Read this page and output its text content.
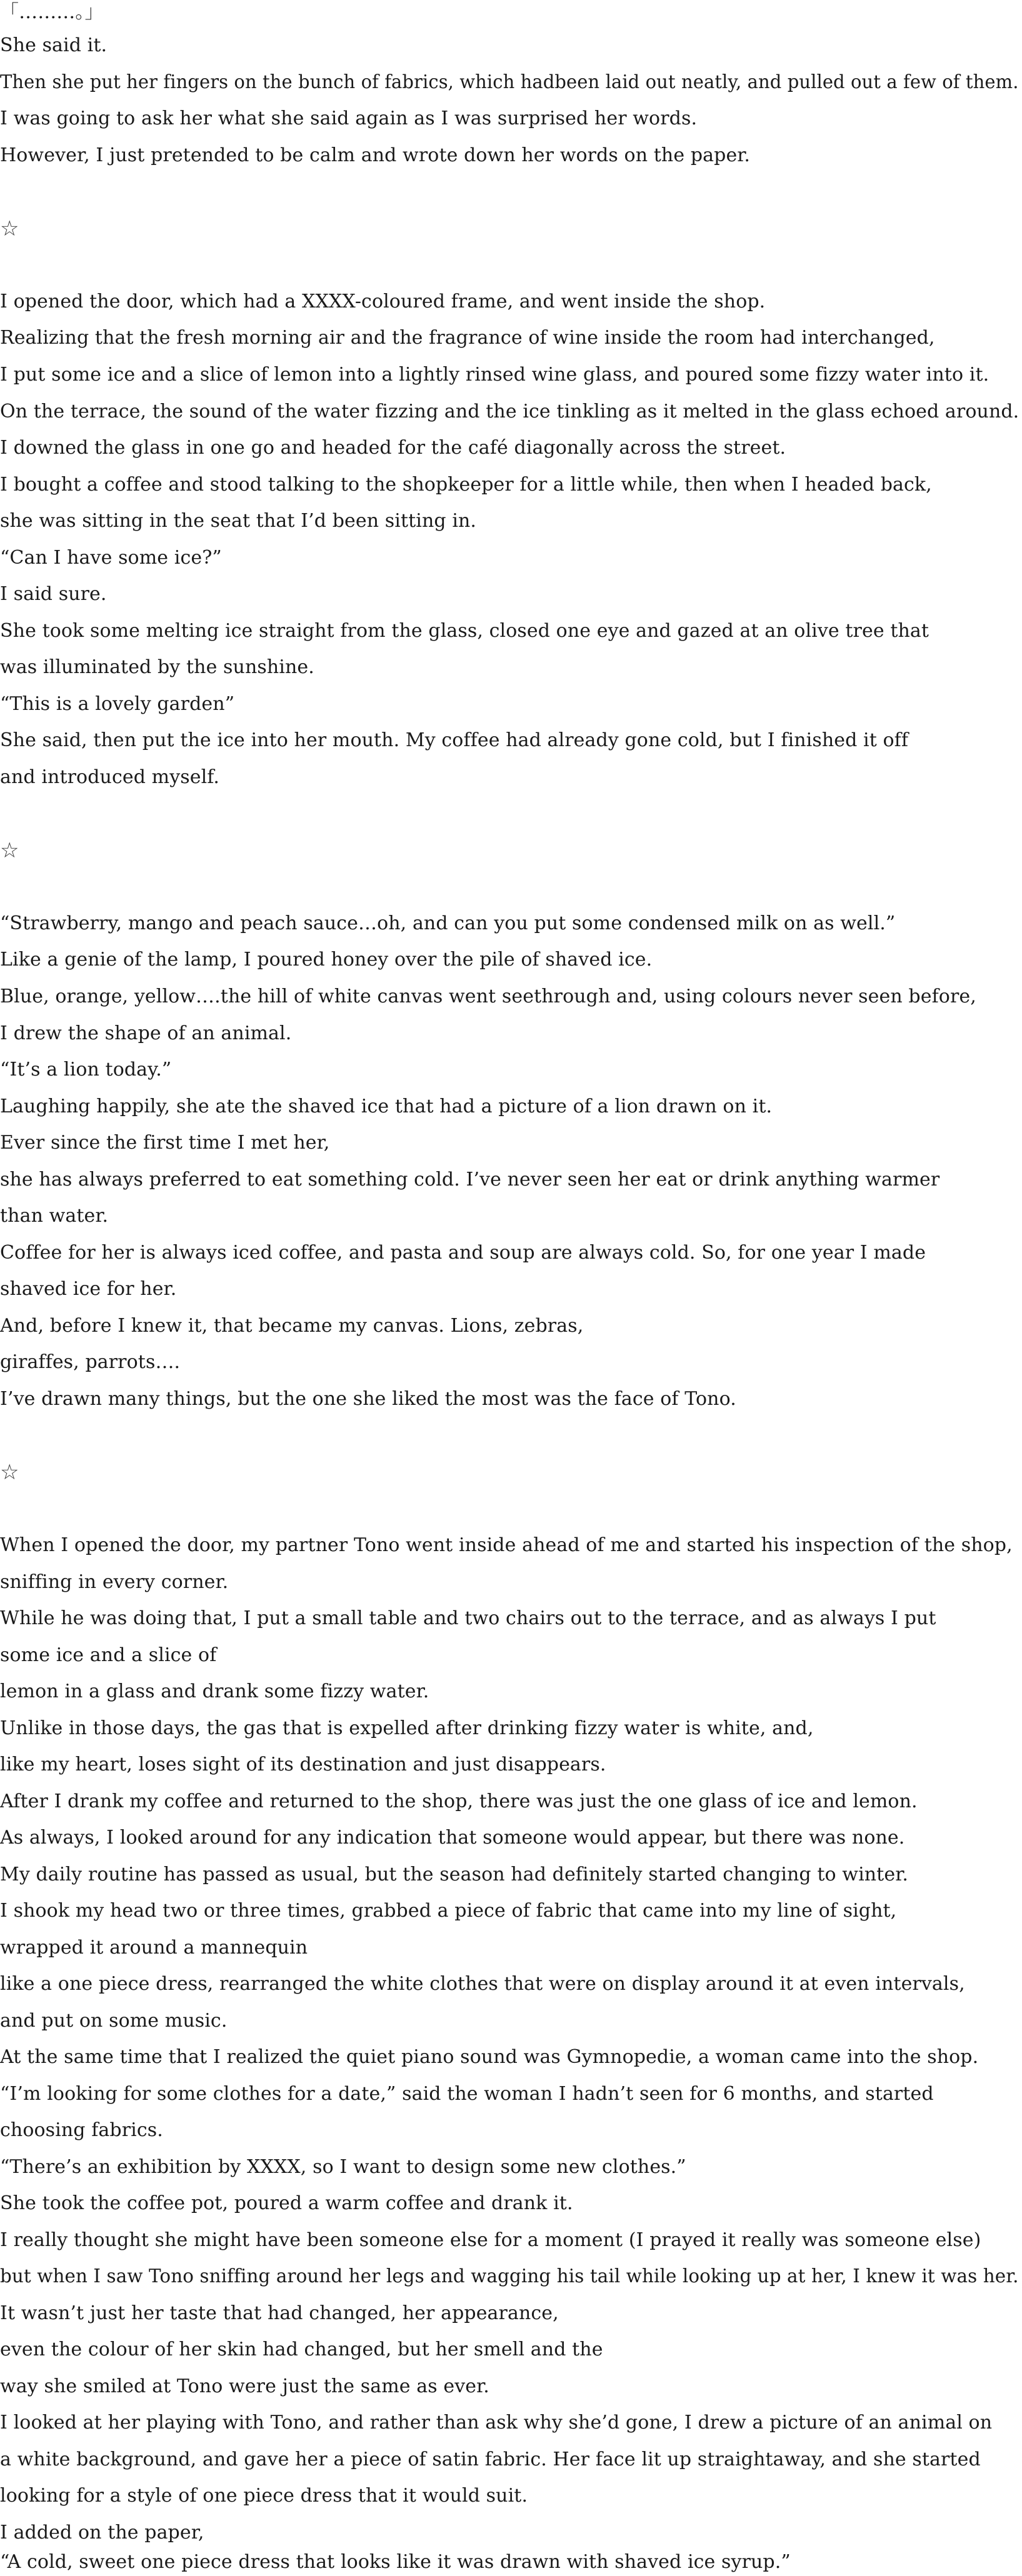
「………。」
She said it.
Then she put her fingers on the bunch of fabrics, which hadbeen laid out neatly, and pulled out a few of them.
I was going to ask her what she said again as I was surprised her words.
However, I just pretended to be calm and wrote down her words on the paper.
☆
I opened the door, which had a XXXX-coloured frame, and went inside the shop.
Realizing that the fresh morning air and the fragrance of wine inside the room had interchanged,
I put some ice and a slice of lemon into a lightly rinsed wine glass, and poured some fizzy water into it.
On the terrace, the sound of the water fizzing and the ice tinkling as it melted in the glass echoed around.
I downed the glass in one go and headed for the café diagonally across the street.
I bought a coffee and stood talking to the shopkeeper for a little while, then when I headed back,
she was sitting in the seat that I’d been sitting in.
“Can I have some ice?”
I said sure.
She took some melting ice straight from the glass, closed one eye and gazed at an olive tree that
was illuminated by the sunshine.
“This is a lovely garden”
She said, then put the ice into her mouth. My coffee had already gone cold, but I finished it off
and introduced myself.
☆
“Strawberry, mango and peach sauce…oh, and can you put some condensed milk on as well.”
Like a genie of the lamp, I poured honey over the pile of shaved ice.
Blue, orange, yellow….the hill of white canvas went seethrough and, using colours never seen before,
I drew the shape of an animal.
“It’s a lion today.”
Laughing happily, she ate the shaved ice that had a picture of a lion drawn on it.
Ever since the first time I met her,
she has always preferred to eat something cold. I’ve never seen her eat or drink anything warmer
than water.
Coffee for her is always iced coffee, and pasta and soup are always cold. So, for one year I made
shaved ice for her.
And, before I knew it, that became my canvas. Lions, zebras,
giraffes, parrots….
I’ve drawn many things, but the one she liked the most was the face of Tono.
☆
When I opened the door, my partner Tono went inside ahead of me and started his inspection of the shop,
sniffing in every corner.
While he was doing that, I put a small table and two chairs out to the terrace, and as always I put
some ice and a slice of
lemon in a glass and drank some fizzy water.
Unlike in those days, the gas that is expelled after drinking fizzy water is white, and,
like my heart, loses sight of its destination and just disappears.
After I drank my coffee and returned to the shop, there was just the one glass of ice and lemon.
As always, I looked around for any indication that someone would appear, but there was none.
My daily routine has passed as usual, but the season had definitely started changing to winter.
I shook my head two or three times, grabbed a piece of fabric that came into my line of sight,
wrapped it around a mannequin
like a one piece dress, rearranged the white clothes that were on display around it at even intervals,
and put on some music.
At the same time that I realized the quiet piano sound was Gymnopedie, a woman came into the shop.
“I’m looking for some clothes for a date,” said the woman I hadn’t seen for 6 months, and started
choosing fabrics.
“There’s an exhibition by XXXX, so I want to design some new clothes.”
She took the coffee pot, poured a warm coffee and drank it.
I really thought she might have been someone else for a moment (I prayed it really was someone else)
but when I saw Tono sniffing around her legs and wagging his tail while looking up at her, I knew it was her.
It wasn’t just her taste that had changed, her appearance,
even the colour of her skin had changed, but her smell and the
way she smiled at Tono were just the same as ever.
I looked at her playing with Tono, and rather than ask why she’d gone, I drew a picture of an animal on
a white background, and gave her a piece of satin fabric. Her face lit up straightaway, and she started
looking for a style of one piece dress that it would suit.
I added on the paper,
“A cold, sweet one piece dress that looks like it was drawn with shaved ice syrup.”
